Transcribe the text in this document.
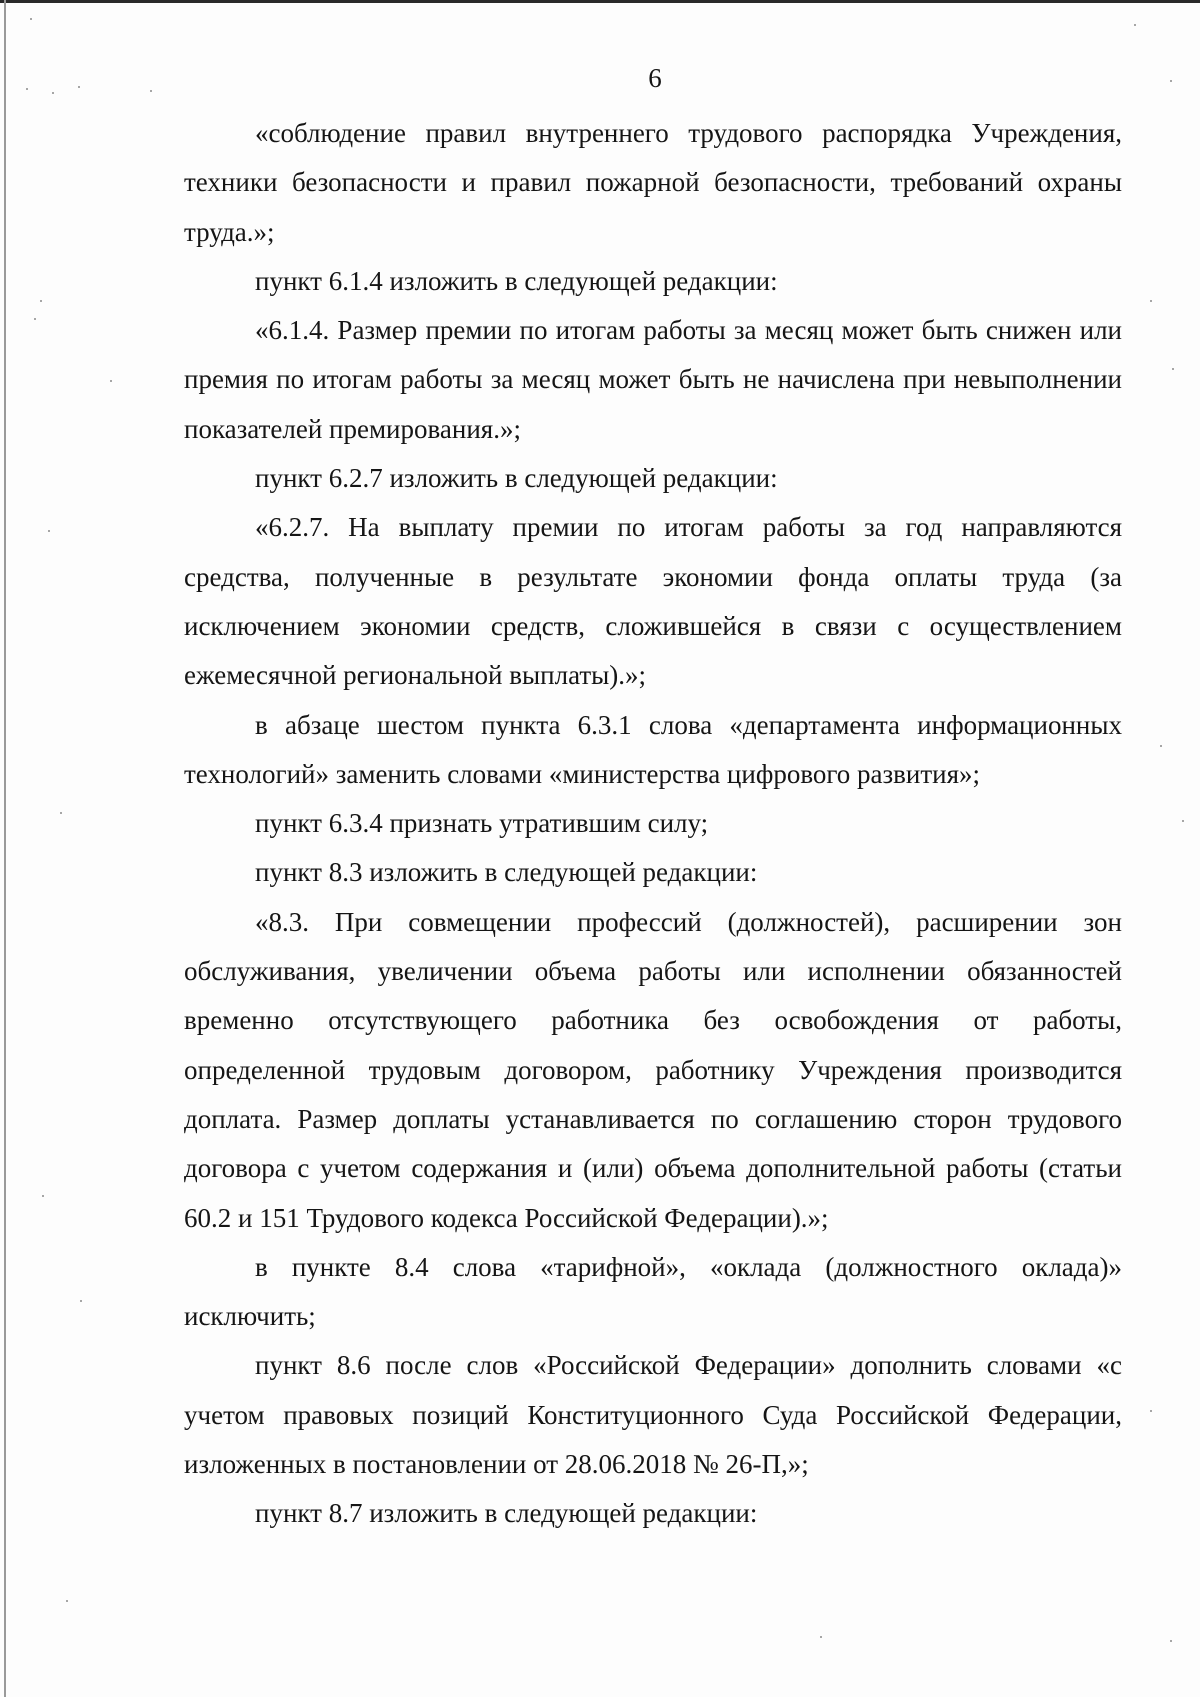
6

«соблюдение правил внутреннего трудового распорядка Учреждения, техники безопасности и правил пожарной безопасности, требований охраны труда.»;

пункт 6.1.4 изложить в следующей редакции:

«6.1.4. Размер премии по итогам работы за месяц может быть снижен или премия по итогам работы за месяц может быть не начислена при невыполнении показателей премирования.»;

пункт 6.2.7 изложить в следующей редакции:

«6.2.7. На выплату премии по итогам работы за год направляются средства, полученные в результате экономии фонда оплаты труда (за исключением экономии средств, сложившейся в связи с осуществлением ежемесячной региональной выплаты).»;

в абзаце шестом пункта 6.3.1 слова «департамента информационных технологий» заменить словами «министерства цифрового развития»;

пункт 6.3.4 признать утратившим силу;

пункт 8.3 изложить в следующей редакции:

«8.3. При совмещении профессий (должностей), расширении зон обслуживания, увеличении объема работы или исполнении обязанностей временно отсутствующего работника без освобождения от работы, определенной трудовым договором, работнику Учреждения производится доплата. Размер доплаты устанавливается по соглашению сторон трудового договора с учетом содержания и (или) объема дополнительной работы (статьи 60.2 и 151 Трудового кодекса Российской Федерации).»;

в пункте 8.4 слова «тарифной», «оклада (должностного оклада)» исключить;

пункт 8.6 после слов «Российской Федерации» дополнить словами «с учетом правовых позиций Конституционного Суда Российской Федерации, изложенных в постановлении от 28.06.2018 № 26-П,»;

пункт 8.7 изложить в следующей редакции:
